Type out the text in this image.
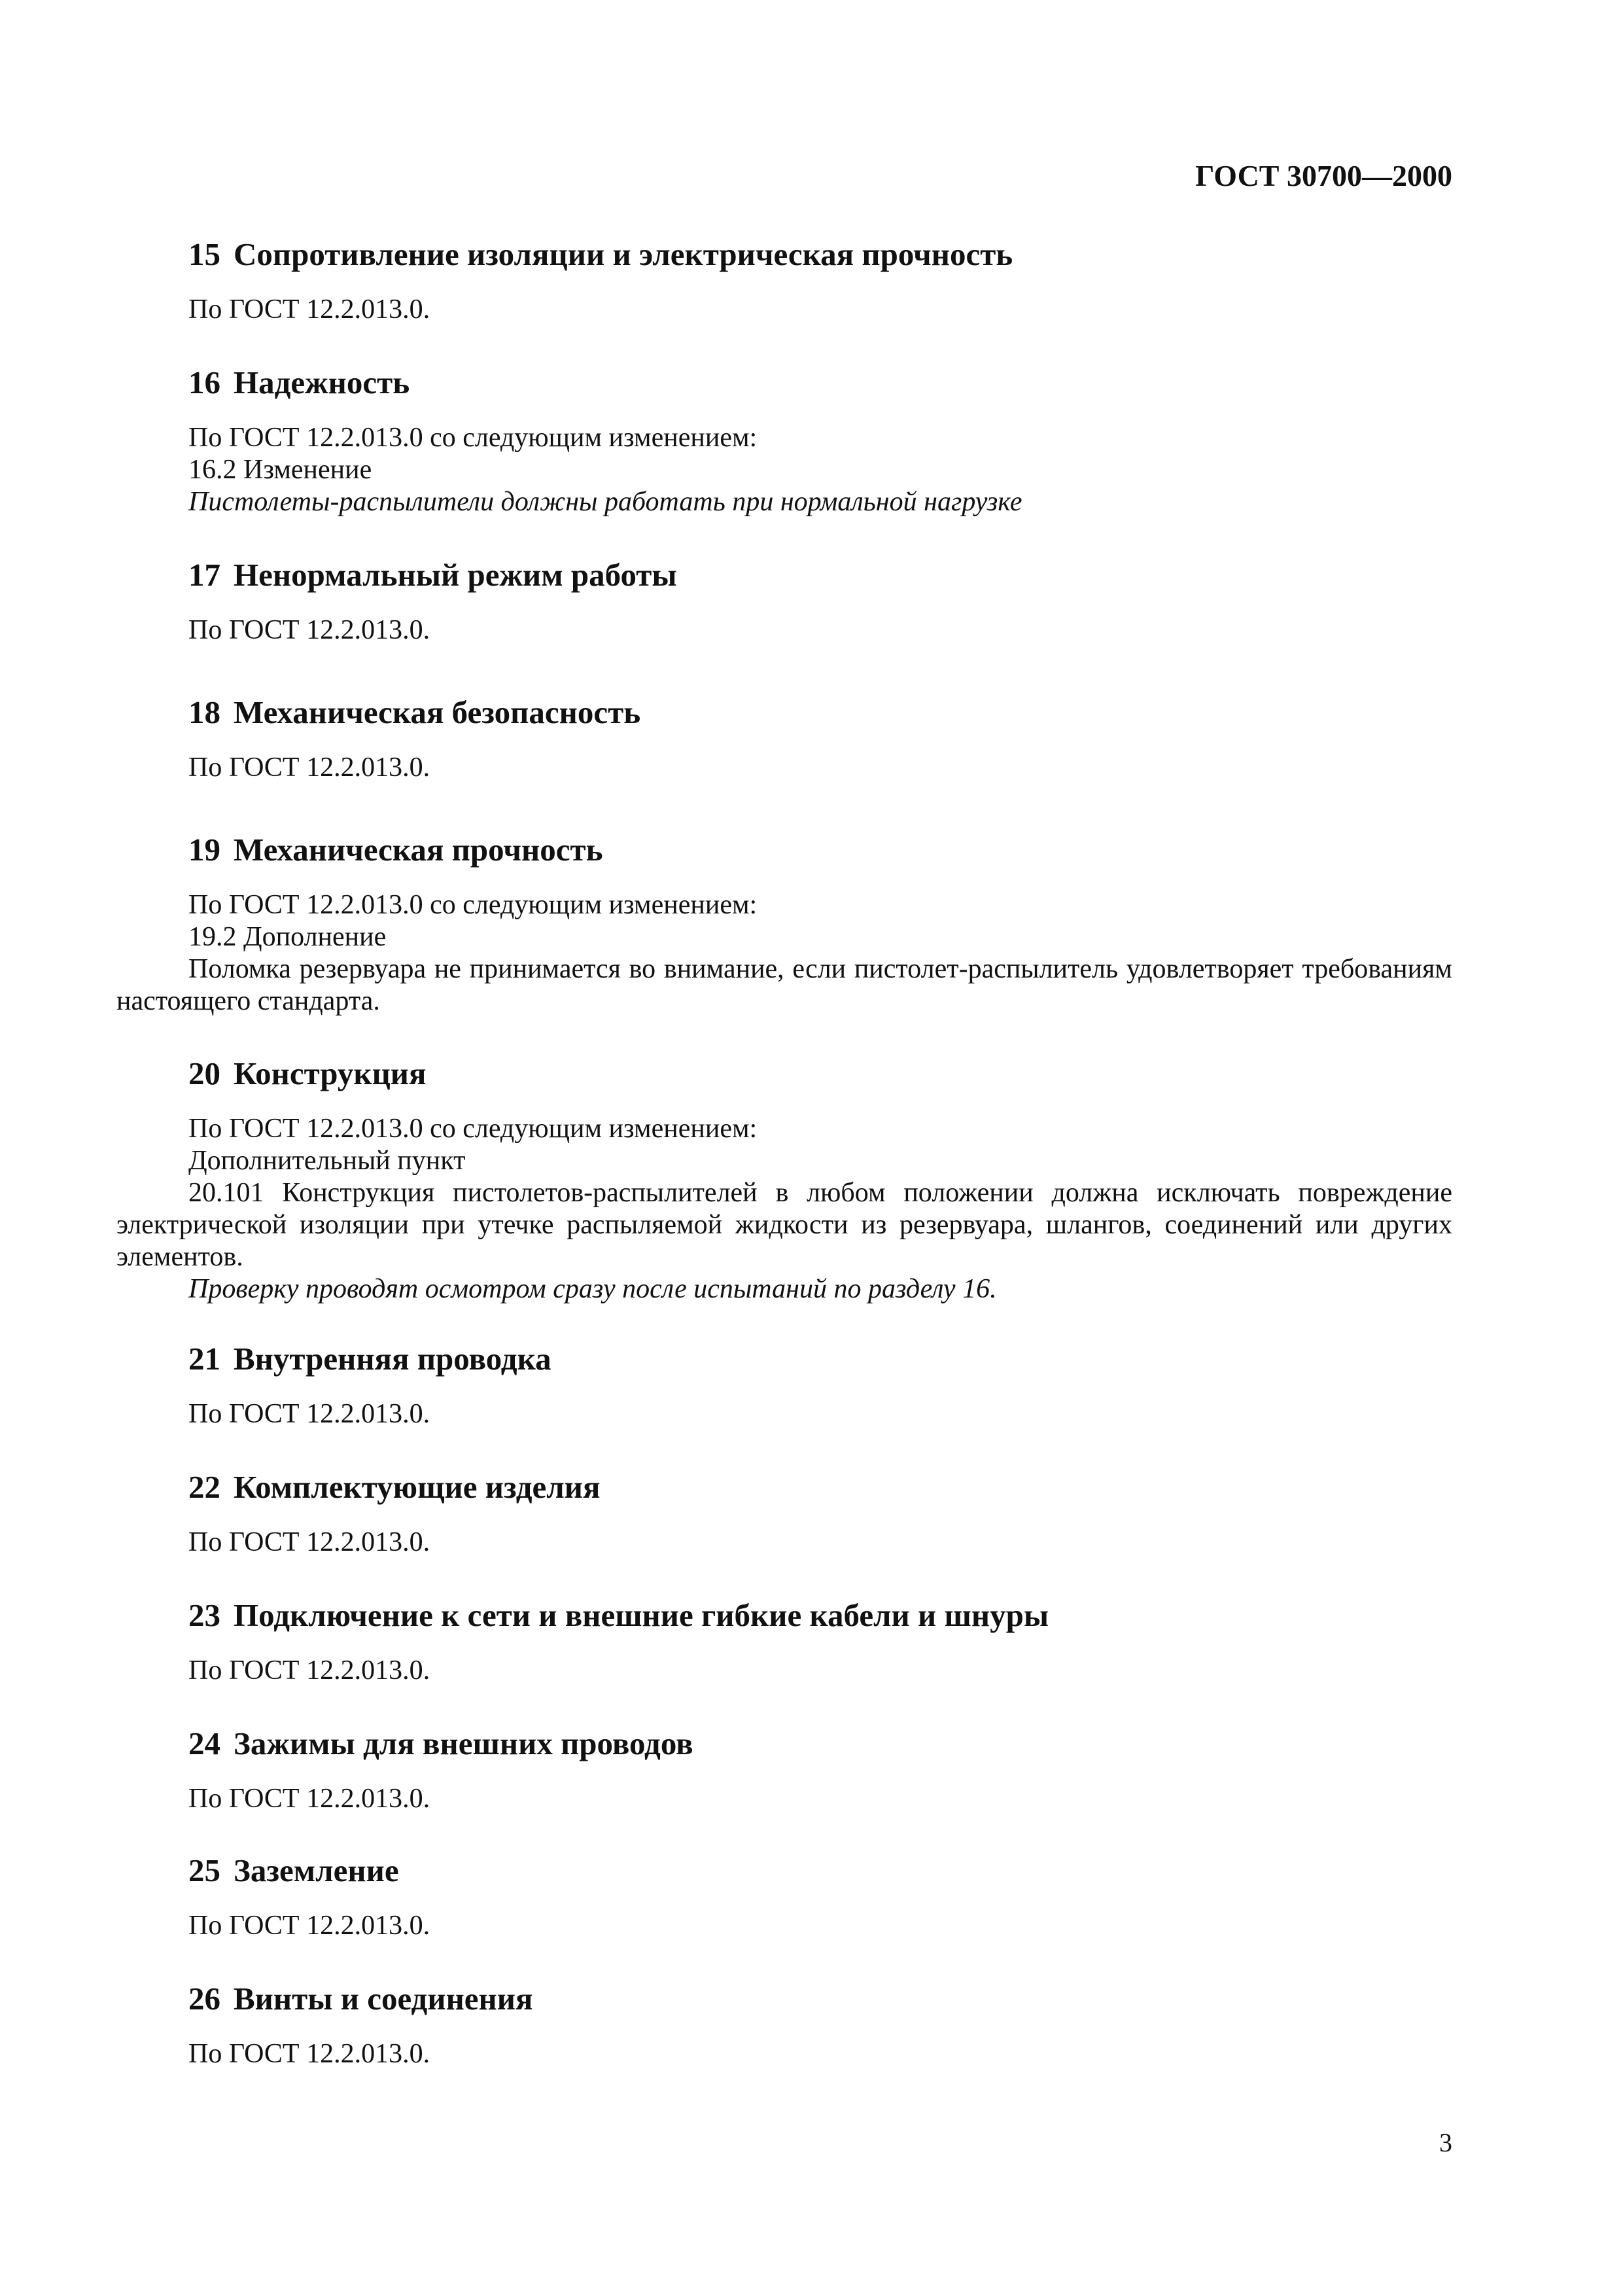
ГОСТ 30700—2000
15 Сопротивление изоляции и электрическая прочность

По ГОСТ 12.2.013.0.

16 Надежность

По ГОСТ 12.2.013.0 со следующим изменением:

16.2 Изменение

Пистолеты-распылители должны работать при нормальной нагрузке

17 Ненормальный режим работы

По ГОСТ 12.2.013.0.

18 Механическая безопасность

По ГОСТ 12.2.013.0.

19 Механическая прочность

По ГОСТ 12.2.013.0 со следующим изменением:

19.2 Дополнение

Поломка резервуара не принимается во внимание, если пистолет-распылитель удовлетворяет требованиям настоящего стандарта.

20 Конструкция

По ГОСТ 12.2.013.0 со следующим изменением:

Дополнительный пункт

20.101 Конструкция пистолетов-распылителей в любом положении должна исключать повреждение электрической изоляции при утечке распыляемой жидкости из резервуара, шлангов, соединений или других элементов.

Проверку проводят осмотром сразу после испытаний по разделу 16.

21 Внутренняя проводка

По ГОСТ 12.2.013.0.

22 Комплектующие изделия

По ГОСТ 12.2.013.0.

23 Подключение к сети и внешние гибкие кабели и шнуры

По ГОСТ 12.2.013.0.

24 Зажимы для внешних проводов

По ГОСТ 12.2.013.0.

25 Заземление

По ГОСТ 12.2.013.0.

26 Винты и соединения

По ГОСТ 12.2.013.0.

3
